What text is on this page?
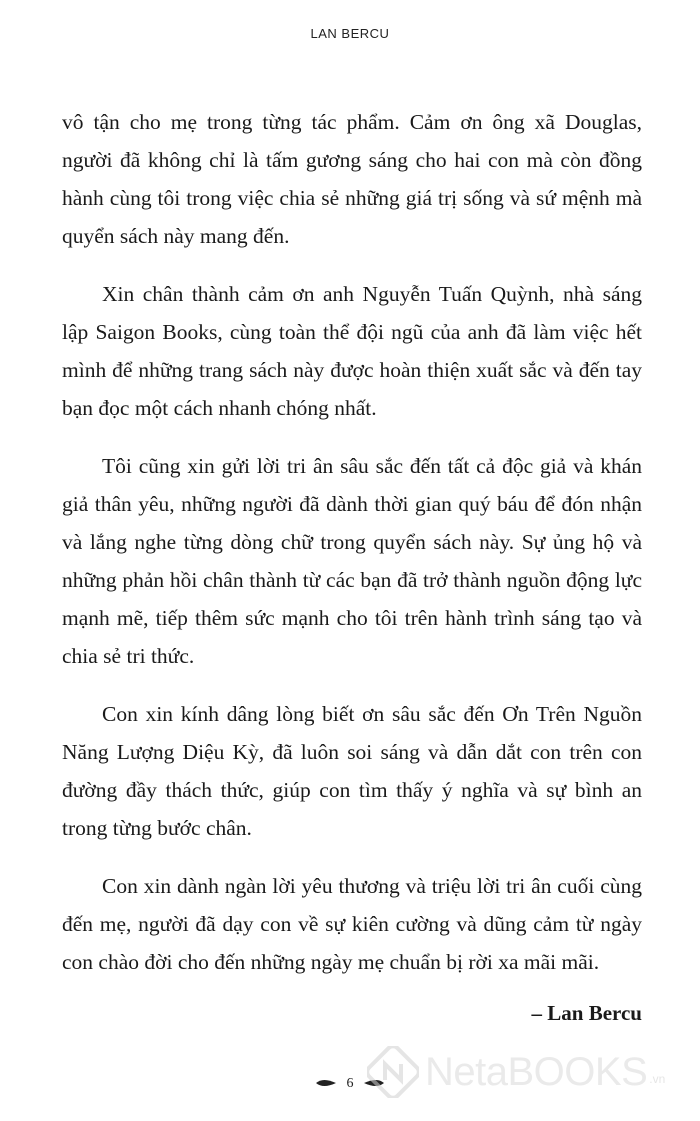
LAN BERCU

vô tận cho mẹ trong từng tác phẩm. Cảm ơn ông xã Douglas, người đã không chỉ là tấm gương sáng cho hai con mà còn đồng hành cùng tôi trong việc chia sẻ những giá trị sống và sứ mệnh mà quyển sách này mang đến.

Xin chân thành cảm ơn anh Nguyễn Tuấn Quỳnh, nhà sáng lập Saigon Books, cùng toàn thể đội ngũ của anh đã làm việc hết mình để những trang sách này được hoàn thiện xuất sắc và đến tay bạn đọc một cách nhanh chóng nhất.

Tôi cũng xin gửi lời tri ân sâu sắc đến tất cả độc giả và khán giả thân yêu, những người đã dành thời gian quý báu để đón nhận và lắng nghe từng dòng chữ trong quyển sách này. Sự ủng hộ và những phản hồi chân thành từ các bạn đã trở thành nguồn động lực mạnh mẽ, tiếp thêm sức mạnh cho tôi trên hành trình sáng tạo và chia sẻ tri thức.

Con xin kính dâng lòng biết ơn sâu sắc đến Ơn Trên Nguồn Năng Lượng Diệu Kỳ, đã luôn soi sáng và dẫn dắt con trên con đường đầy thách thức, giúp con tìm thấy ý nghĩa và sự bình an trong từng bước chân.

Con xin dành ngàn lời yêu thương và triệu lời tri ân cuối cùng đến mẹ, người đã dạy con về sự kiên cường và dũng cảm từ ngày con chào đời cho đến những ngày mẹ chuẩn bị rời xa mãi mãi.

– Lan Bercu
6	NetaBOOKS .vn
